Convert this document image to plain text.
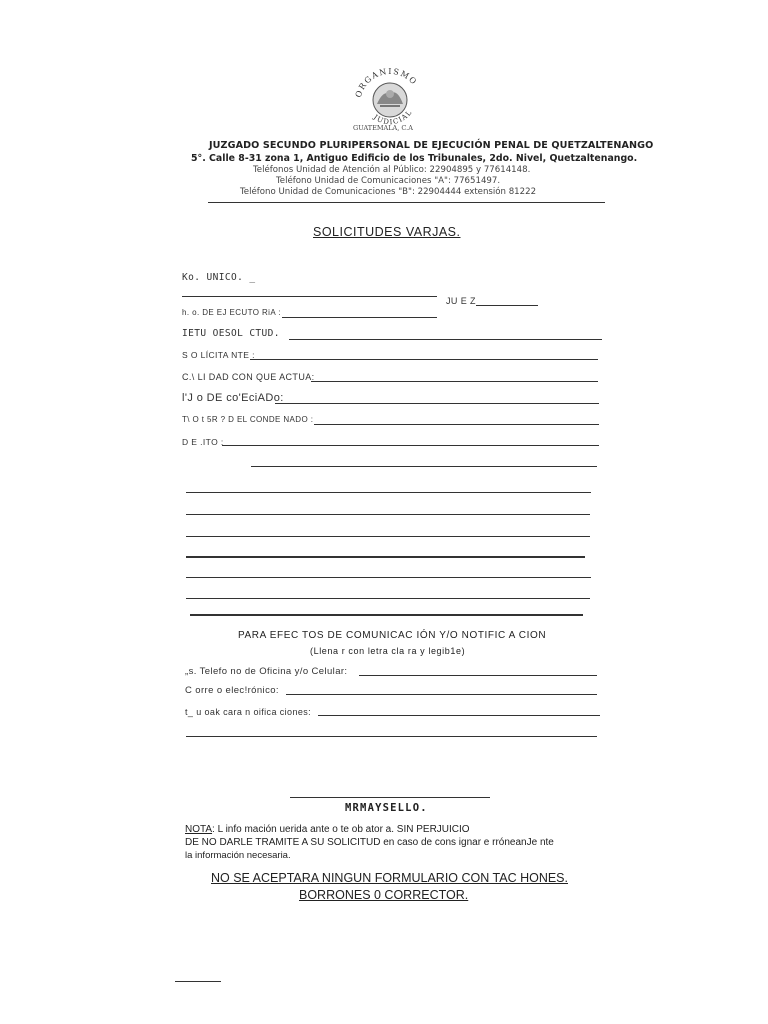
ORGANISMO
JUDICIAL
GUATEMALA, C.A
JUZGADO SECUNDO PLURIPERSONAL DE EJECUCIÓN PENAL DE QUETZALTENANGO
5°. Calle 8-31 zona 1, Antiguo Edificio de los Tribunales, 2do. Nivel, Quetzaltenango.
Teléfonos Unidad de Atención al Público: 22904895 y 77614148.
Teléfono Unidad de Comunicaciones "A": 77651497.
Teléfono Unidad de Comunicaciones "B": 22904444 extensión 81222
SOLICITUDES VARJAS.
Ko. UNICO. _
JU E Z
h. o. DE EJ ECUTO RiA :
IETU OESOL CTUD.
S O LÍCITA NTE :
C.\ LI DAD CON QUE ACTUA:
l'J o DE co'EciADo:
T\ O t 5R ? D EL CONDE NADO :
D E .ITO :
PARA EFEC TOS DE COMUNICAC IÓN Y/O NOTIFIC A CION
(Llena r con letra cla ra y legib1e)
„s. Telefo no de Oficina y/o Celular:
C orre o elec!rónico:
t_ u oak cara n oifica ciones:
MRMAYSELLO.
NOTA: L info mación uerida ante o te ob ator a. SIN PERJUICIO
DE NO DARLE TRAMITE A SU SOLICITUD en caso de cons ignar e rróneanJe nte
la información necesaria.
NO SE ACEPTARA NINGUN FORMULARIO CON TAC HONES.
BORRONES 0 CORRECTOR.
